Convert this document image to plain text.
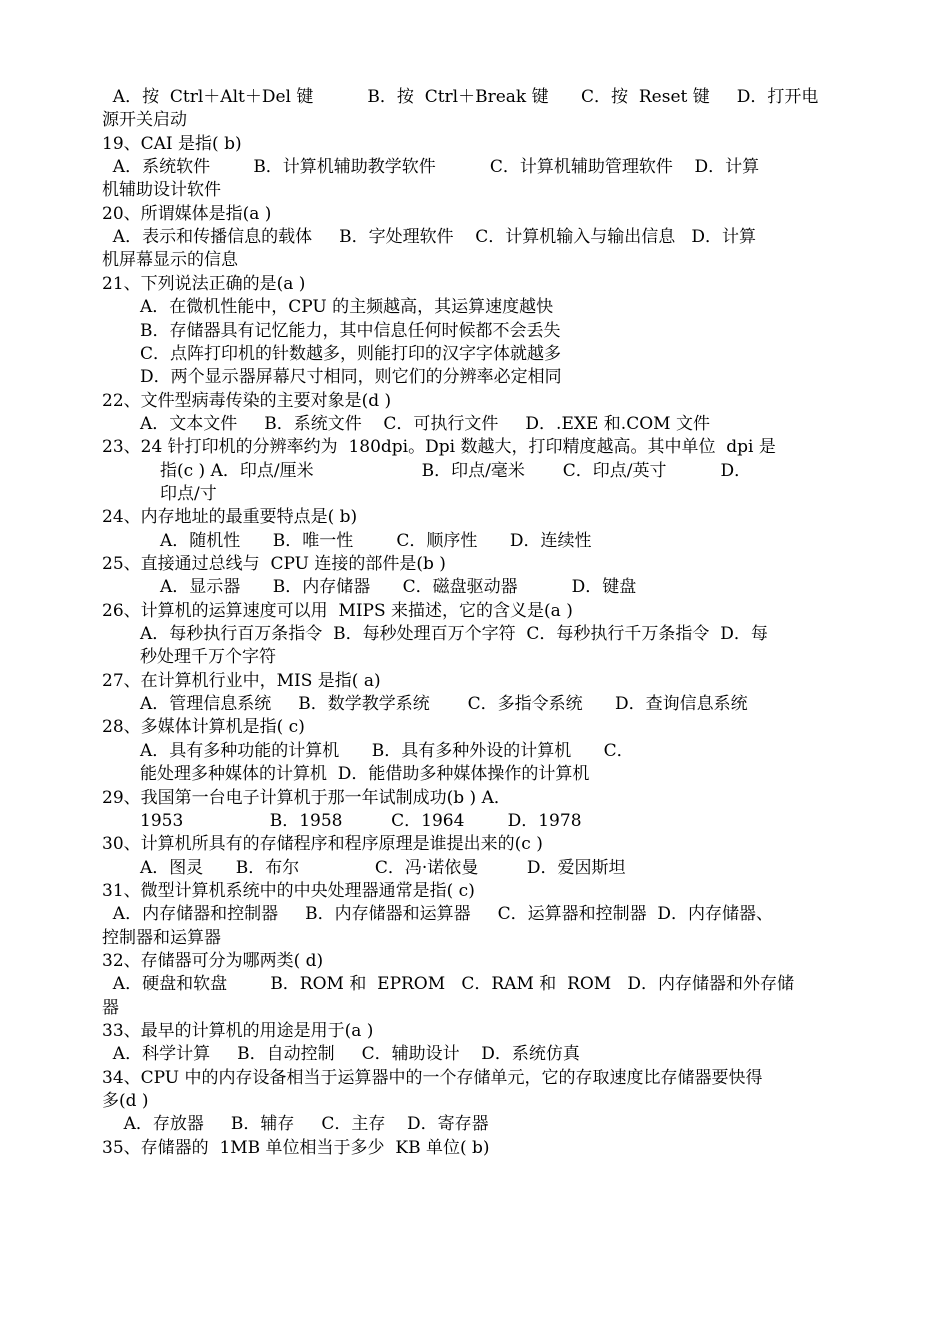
A．按  Ctrl＋Alt＋Del 键          B．按  Ctrl＋Break 键      C．按  Reset 键     D．打开电
源开关启动
19、CAI 是指( b)
A．系统软件        B．计算机辅助教学软件          C．计算机辅助管理软件    D．计算
机辅助设计软件
20、所谓媒体是指(a )
A．表示和传播信息的载体     B．字处理软件    C．计算机输入与输出信息   D．计算
机屏幕显示的信息
21、下列说法正确的是(a )
A．在微机性能中，CPU 的主频越高，其运算速度越快
B．存储器具有记忆能力，其中信息任何时候都不会丢失
C．点阵打印机的针数越多，则能打印的汉字字体就越多
D．两个显示器屏幕尺寸相同，则它们的分辨率必定相同
22、文件型病毒传染的主要对象是(d )
A．文本文件     B．系统文件    C．可执行文件     D．.EXE 和.COM 文件
23、24 针打印机的分辨率约为  180dpi。Dpi 数越大，打印精度越高。其中单位  dpi 是
指(c ) A．印点/厘米                    B．印点/毫米       C．印点/英寸          D．
印点/寸
24、内存地址的最重要特点是( b)
A．随机性      B．唯一性        C．顺序性      D．连续性
25、直接通过总线与  CPU 连接的部件是(b )
A．显示器      B．内存储器      C．磁盘驱动器          D．键盘
26、计算机的运算速度可以用  MIPS 来描述，它的含义是(a )
A．每秒执行百万条指令  B．每秒处理百万个字符  C．每秒执行千万条指令  D．每
秒处理千万个字符
27、在计算机行业中，MIS 是指( a)
A．管理信息系统     B．数学教学系统       C．多指令系统      D．查询信息系统
28、多媒体计算机是指( c)
A．具有多种功能的计算机      B．具有多种外设的计算机      C．
能处理多种媒体的计算机  D．能借助多种媒体操作的计算机
29、我国第一台电子计算机于那一年试制成功(b ) A．
1953                B．1958         C．1964        D．1978
30、计算机所具有的存储程序和程序原理是谁提出来的(c )
A．图灵      B．布尔              C．冯·诺依曼         D．爱因斯坦
31、微型计算机系统中的中央处理器通常是指( c)
A．内存储器和控制器     B．内存储器和运算器     C．运算器和控制器  D．内存储器、
控制器和运算器
32、存储器可分为哪两类( d)
A．硬盘和软盘        B．ROM 和  EPROM   C．RAM 和  ROM   D．内存储器和外存储
器
33、最早的计算机的用途是用于(a )
A．科学计算     B．自动控制     C．辅助设计    D．系统仿真
34、CPU 中的内存设备相当于运算器中的一个存储单元，它的存取速度比存储器要快得
多(d )
A．存放器     B．辅存     C．主存    D．寄存器
35、存储器的  1MB 单位相当于多少  KB 单位( b)
